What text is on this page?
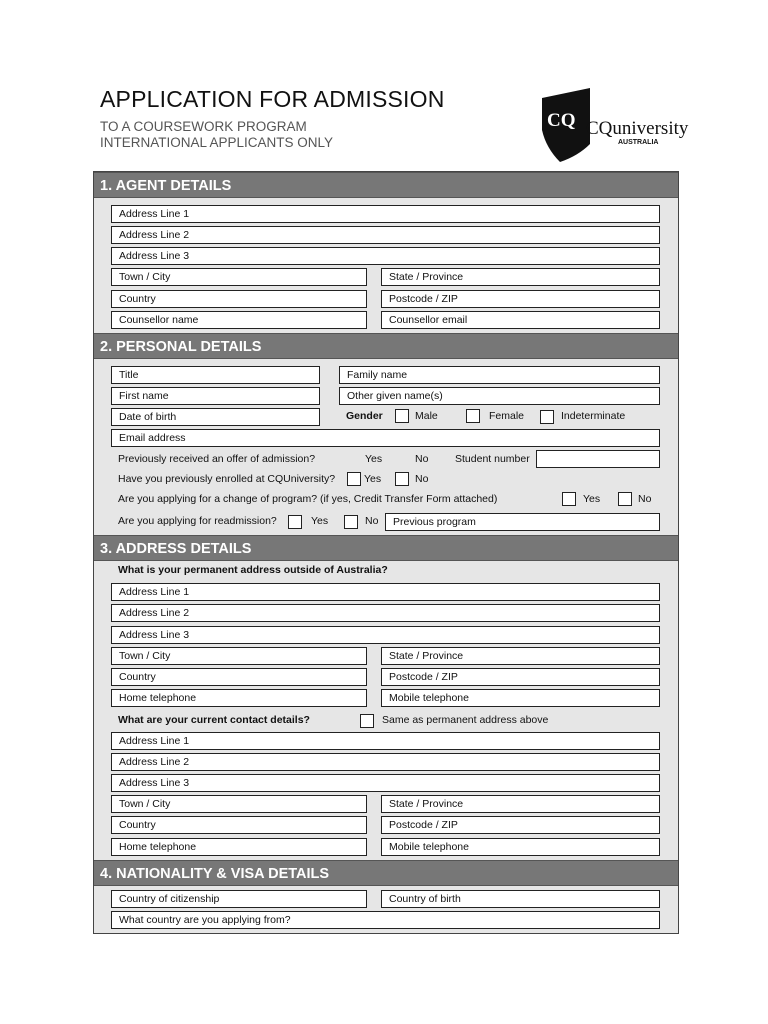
APPLICATION FOR ADMISSION
TO A COURSEWORK PROGRAM
INTERNATIONAL APPLICANTS ONLY
CQ CQuniversity
AUSTRALIA
1. AGENT DETAILS
Address Line 1
Address Line 2
Address Line 3
Town / City	State / Province
Country	Postcode / ZIP
Counsellor name	Counsellor email
2. PERSONAL DETAILS
Title	Family name
First name	Other given name(s)
Date of birth	Gender	Male	Female	Indeterminate
Email address
Previously received an offer of admission?	Yes	No	Student number
Have you previously enrolled at CQUniversity?	Yes	No
Are you applying for a change of program? (if yes, Credit Transfer Form attached)	Yes	No
Are you applying for readmission?	Yes	No	Previous program
3. ADDRESS DETAILS
What is your permanent address outside of Australia?
Address Line 1
Address Line 2
Address Line 3
Town / City	State / Province
Country	Postcode / ZIP
Home telephone	Mobile telephone
What are your current contact details?	Same as permanent address above
Address Line 1
Address Line 2
Address Line 3
Town / City	State / Province
Country	Postcode / ZIP
Home telephone	Mobile telephone
4. NATIONALITY & VISA DETAILS
Country of citizenship	Country of birth
What country are you applying from?
